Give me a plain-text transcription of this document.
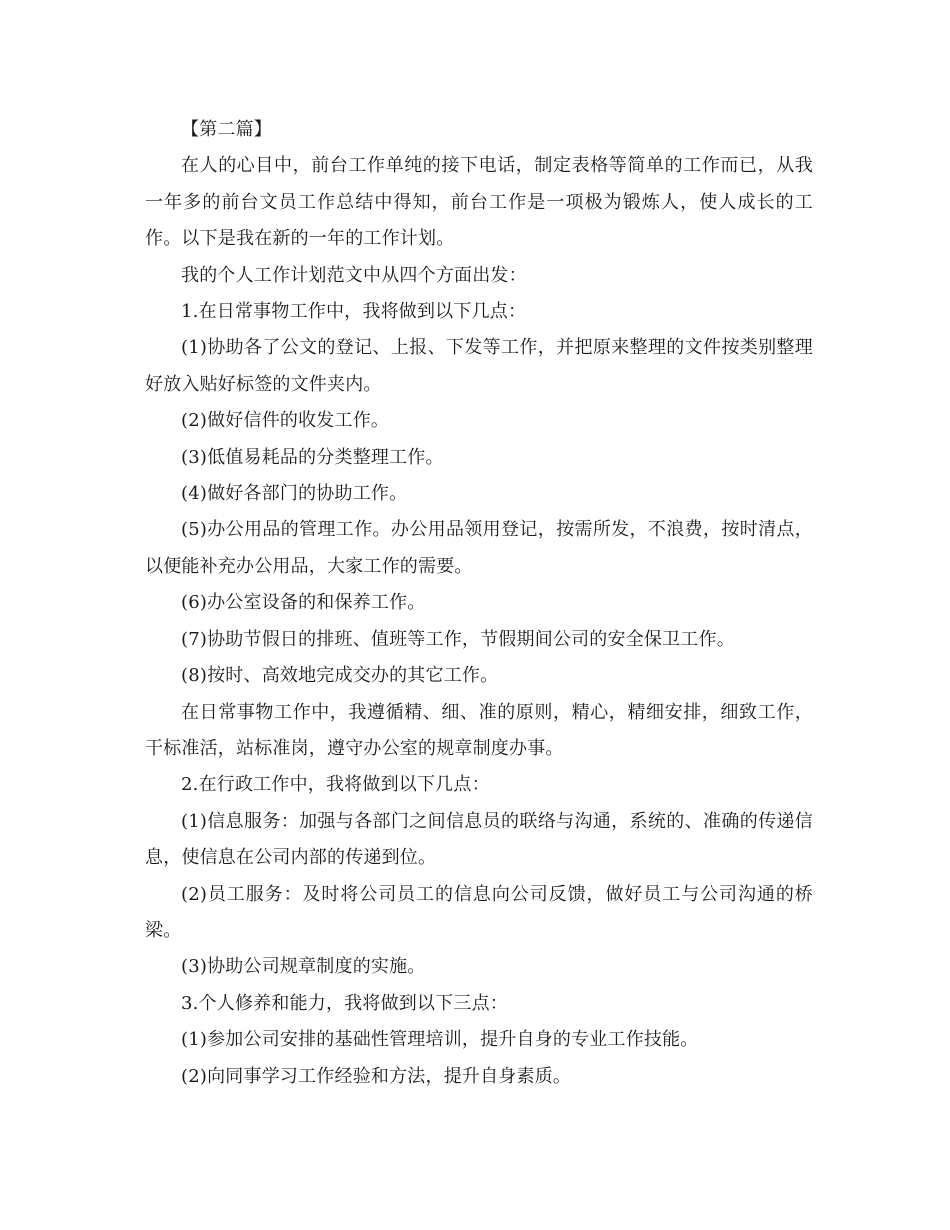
【第二篇】

在人的心目中，前台工作单纯的接下电话，制定表格等简单的工作而已，从我一年多的前台文员工作总结中得知，前台工作是一项极为锻炼人，使人成长的工作。以下是我在新的一年的工作计划。

我的个人工作计划范文中从四个方面出发：

1.在日常事物工作中，我将做到以下几点：

(1)协助各了公文的登记、上报、下发等工作，并把原来整理的文件按类别整理好放入贴好标签的文件夹内。

(2)做好信件的收发工作。

(3)低值易耗品的分类整理工作。

(4)做好各部门的协助工作。

(5)办公用品的管理工作。办公用品领用登记，按需所发，不浪费，按时清点，以便能补充办公用品，大家工作的需要。

(6)办公室设备的和保养工作。

(7)协助节假日的排班、值班等工作，节假期间公司的安全保卫工作。

(8)按时、高效地完成交办的其它工作。

在日常事物工作中，我遵循精、细、准的原则，精心，精细安排，细致工作，干标准活，站标准岗，遵守办公室的规章制度办事。

2.在行政工作中，我将做到以下几点：

(1)信息服务：加强与各部门之间信息员的联络与沟通，系统的、准确的传递信息，使信息在公司内部的传递到位。

(2)员工服务：及时将公司员工的信息向公司反馈，做好员工与公司沟通的桥梁。

(3)协助公司规章制度的实施。

3.个人修养和能力，我将做到以下三点：

(1)参加公司安排的基础性管理培训，提升自身的专业工作技能。

(2)向同事学习工作经验和方法，提升自身素质。
